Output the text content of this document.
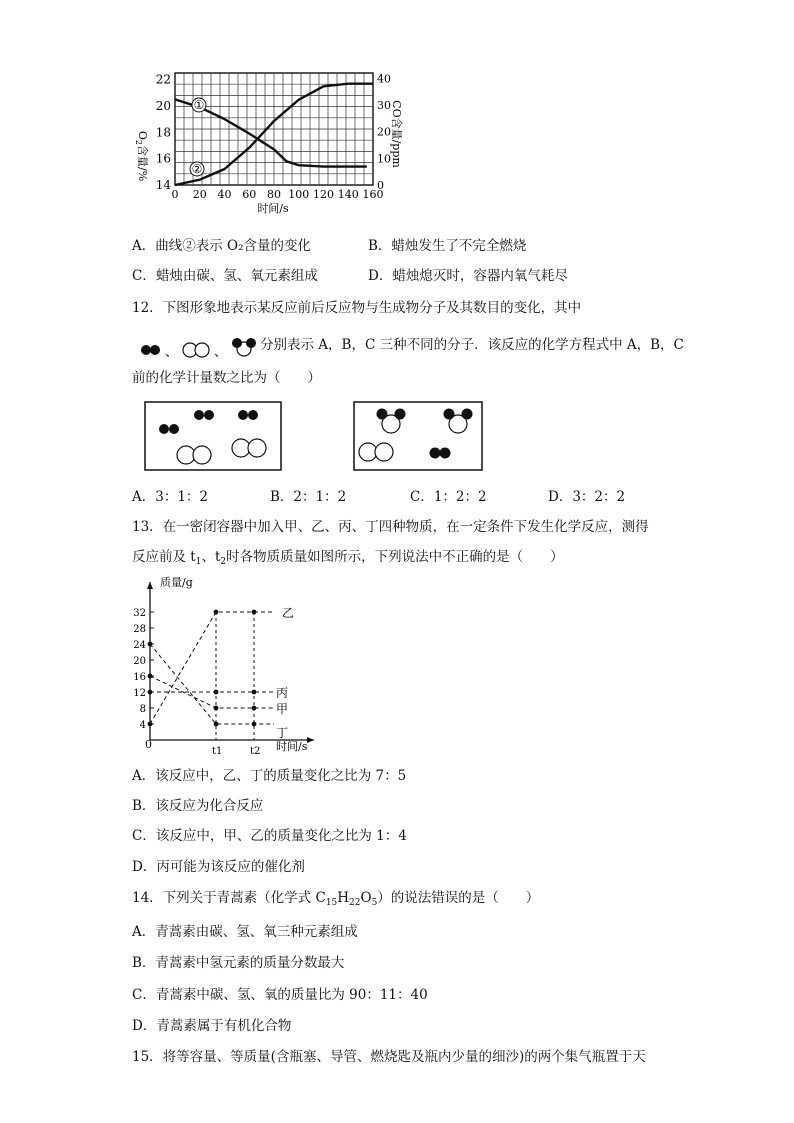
0 20 40 60 80 100 120 140 160
14
16
18
20
22
0
10
20
30
40
时间/s
$O_2$含量/%	CO含量/ppm
①
②
A．曲线②表示 O₂含量的变化	B．蜡烛发生了不完全燃烧
C．蜡烛由碳、氢、氧元素组成	D．蜡烛熄灭时，容器内氧气耗尽
12．下图形象地表示某反应前后反应物与生成物分子及其数目的变化，其中
、	、 分别表示 A，B，C 三种不同的分子．该反应的化学方程式中 A，B，C
前的化学计量数之比为（　　）
A．3：1：2	B．2：1：2	C．1：2：2	D．3：2：2
13．在一密闭容器中加入甲、乙、丙、丁四种物质，在一定条件下发生化学反应，测得
反应前及 $t_1$、$t_2$时各物质质量如图所示，下列说法中不正确的是（　　）
4
8
12
16
20
24
28
32
t1	t2
乙
丙
甲
丁
质量/g
时间/s
0
A．该反应中，乙、丁的质量变化之比为 7：5
B．该反应为化合反应
C．该反应中，甲、乙的质量变化之比为 1：4
D．丙可能为该反应的催化剂
14．下列关于青蒿素（化学式 $C_{15}H_{22}O_5$）的说法错误的是（　　）
A．青蒿素由碳、氢、氧三种元素组成
B．青蒿素中氢元素的质量分数最大
C．青蒿素中碳、氢、氧的质量比为 90：11：40
D．青蒿素属于有机化合物
15．将等容量、等质量(含瓶塞、导管、燃烧匙及瓶内少量的细沙)的两个集气瓶置于天
